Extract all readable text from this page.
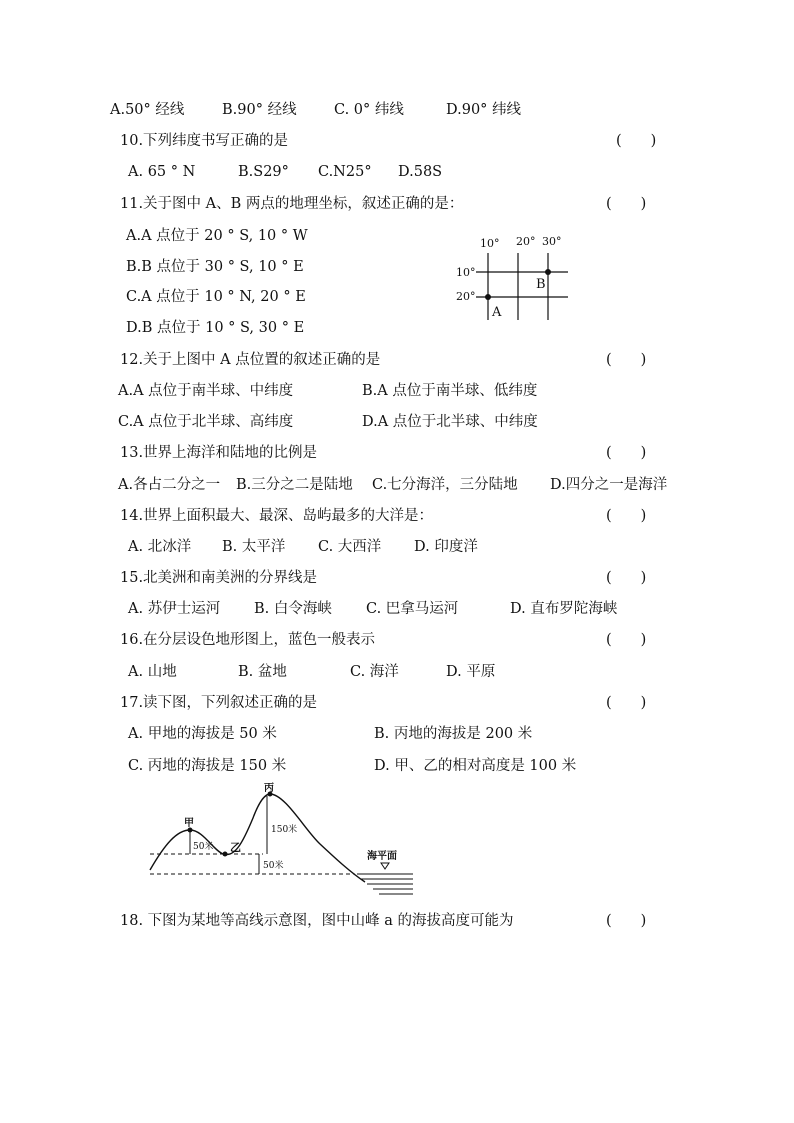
A.50° 经线	B.90° 经线	C. 0° 纬线	D.90° 纬线
10.下列纬度书写正确的是	(　　)
A. 65 ° N	B.S29° C.N25° D.58S
11.关于图中 A、B 两点的地理坐标，叙述正确的是：	(　　)
A.A 点位于 20 ° S, 10 ° W
B.B 点位于 30 ° S, 10 ° E
C.A 点位于 10 ° N, 20 ° E
D.B 点位于 10 ° S, 30 ° E
10° 20° 30°
10°
20°
A
B
12.关于上图中 A 点位置的叙述正确的是	(　　)
A.A 点位于南半球、中纬度	B.A 点位于南半球、低纬度
C.A 点位于北半球、高纬度	D.A 点位于北半球、中纬度
13.世界上海洋和陆地的比例是	(　　)
A.各占二分之一 B.三分之二是陆地 C.七分海洋，三分陆地 D.四分之一是海洋
14.世界上面积最大、最深、岛屿最多的大洋是：	(　　)
A. 北冰洋 B. 太平洋 C. 大西洋 D. 印度洋
15.北美洲和南美洲的分界线是	(　　)
A. 苏伊士运河 B. 白令海峡 C. 巴拿马运河	D. 直布罗陀海峡
16.在分层设色地形图上，蓝色一般表示	(　　)
A. 山地	B. 盆地	C. 海洋	D. 平原
17.读下图，下列叙述正确的是	(　　)
A. 甲地的海拔是 50 米	B. 丙地的海拔是 200 米
C. 丙地的海拔是 150 米	D. 甲、乙的相对高度是 100 米
甲
乙
丙
50米
150米
50米
海平面
18. 下图为某地等高线示意图，图中山峰 a 的海拔高度可能为	(　　)
